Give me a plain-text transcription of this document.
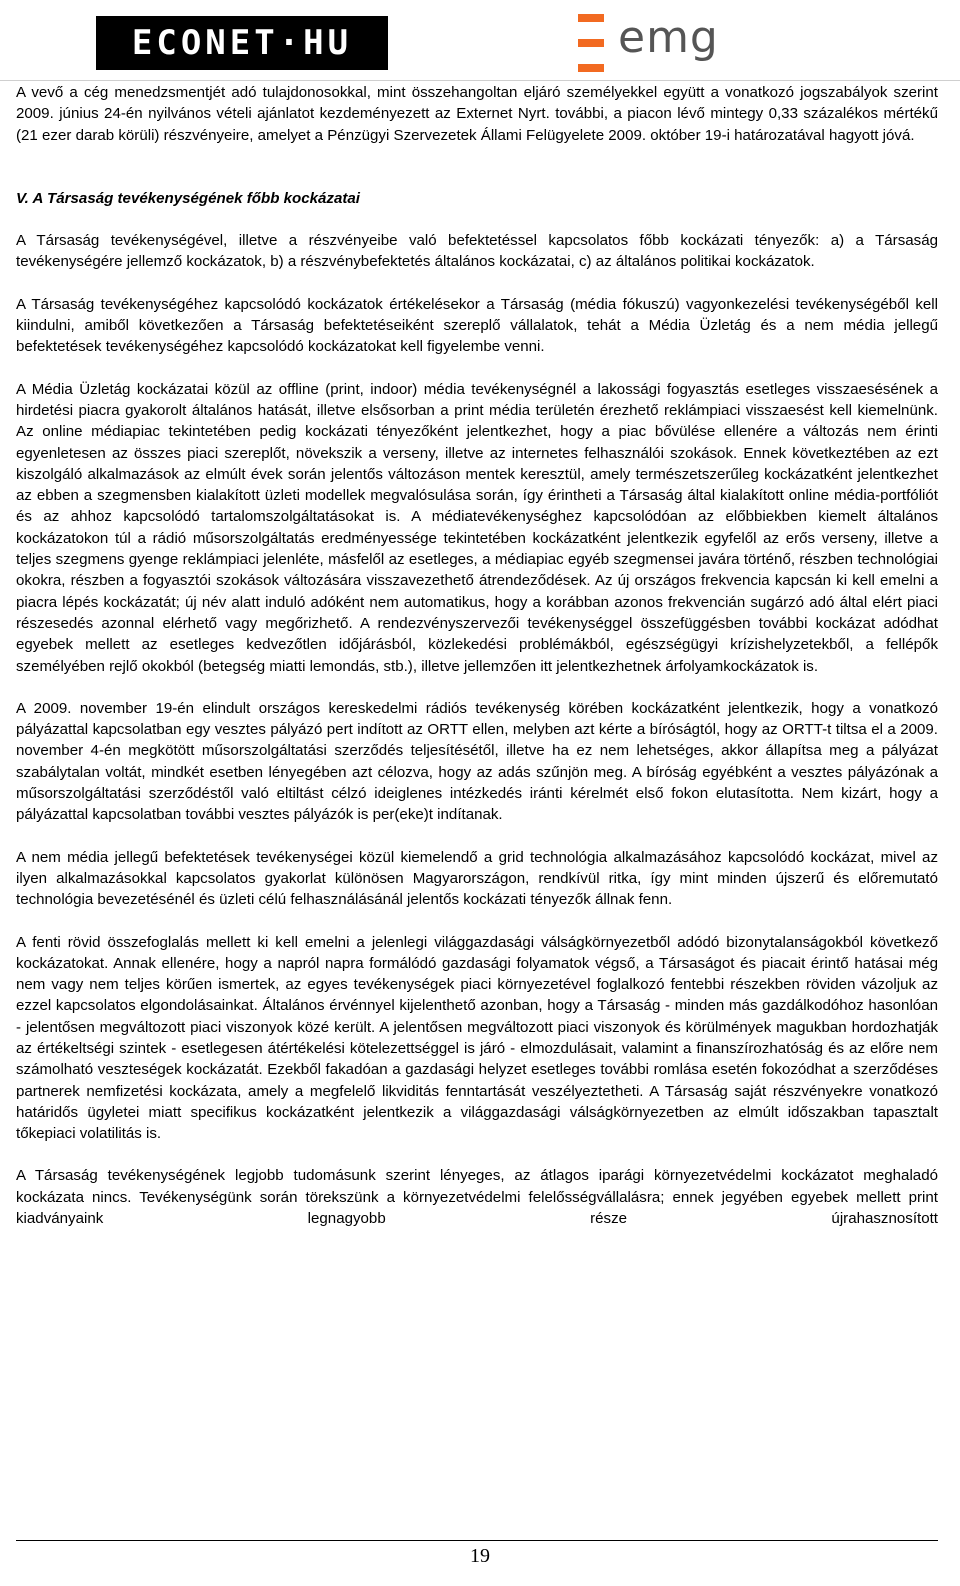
ECONET·HU	emg

A vevő a cég menedzsmentjét adó tulajdonosokkal, mint összehangoltan eljáró személyekkel együtt a vonatkozó jogszabályok szerint 2009. június 24-én nyilvános vételi ajánlatot kezdeményezett az Externet Nyrt. további, a piacon lévő mintegy 0,33 százalékos mértékű (21 ezer darab körüli) részvényeire, amelyet a Pénzügyi Szervezetek Állami Felügyelete 2009. október 19-i határozatával hagyott jóvá.

V. A Társaság tevékenységének főbb kockázatai

A Társaság tevékenységével, illetve a részvényeibe való befektetéssel kapcsolatos főbb kockázati tényezők: a) a Társaság tevékenységére jellemző kockázatok, b) a részvénybefektetés általános kockázatai, c) az általános politikai kockázatok.

A Társaság tevékenységéhez kapcsolódó kockázatok értékelésekor a Társaság (média fókuszú) vagyonkezelési tevékenységéből kell kiindulni, amiből következően a Társaság befektetéseiként szereplő vállalatok, tehát a Média Üzletág és a nem média jellegű befektetések tevékenységéhez kapcsolódó kockázatokat kell figyelembe venni.

A Média Üzletág kockázatai közül az offline (print, indoor) média tevékenységnél a lakossági fogyasztás esetleges visszaesésének a hirdetési piacra gyakorolt általános hatását, illetve elsősorban a print média területén érezhető reklámpiaci visszaesést kell kiemelnünk. Az online médiapiac tekintetében pedig kockázati tényezőként jelentkezhet, hogy a piac bővülése ellenére a változás nem érinti egyenletesen az összes piaci szereplőt, növekszik a verseny, illetve az internetes felhasználói szokások. Ennek következtében az ezt kiszolgáló alkalmazások az elmúlt évek során jelentős változáson mentek keresztül, amely természetszerűleg kockázatként jelentkezhet az ebben a szegmensben kialakított üzleti modellek megvalósulása során, így érintheti a Társaság által kialakított online média-portfóliót és az ahhoz kapcsolódó tartalomszolgáltatásokat is. A médiatevékenységhez kapcsolódóan az előbbiekben kiemelt általános kockázatokon túl a rádió műsorszolgáltatás eredményessége tekintetében kockázatként jelentkezik egyfelől az erős verseny, illetve a teljes szegmens gyenge reklámpiaci jelenléte, másfelől az esetleges, a médiapiac egyéb szegmensei javára történő, részben technológiai okokra, részben a fogyasztói szokások változására visszavezethető átrendeződések. Az új országos frekvencia kapcsán ki kell emelni a piacra lépés kockázatát; új név alatt induló adóként nem automatikus, hogy a korábban azonos frekvencián sugárzó adó által elért piaci részesedés azonnal elérhető vagy megőrizhető. A rendezvényszervezői tevékenységgel összefüggésben további kockázat adódhat egyebek mellett az esetleges kedvezőtlen időjárásból, közlekedési problémákból, egészségügyi krízishelyzetekből, a fellépők személyében rejlő okokból (betegség miatti lemondás, stb.), illetve jellemzően itt jelentkezhetnek árfolyamkockázatok is.

A 2009. november 19-én elindult országos kereskedelmi rádiós tevékenység körében kockázatként jelentkezik, hogy a vonatkozó pályázattal kapcsolatban egy vesztes pályázó pert indított az ORTT ellen, melyben azt kérte a bíróságtól, hogy az ORTT-t tiltsa el a 2009. november 4-én megkötött műsorszolgáltatási szerződés teljesítésétől, illetve ha ez nem lehetséges, akkor állapítsa meg a pályázat szabálytalan voltát, mindkét esetben lényegében azt célozva, hogy az adás szűnjön meg. A bíróság egyébként a vesztes pályázónak a műsorszolgáltatási szerződéstől való eltiltást célzó ideiglenes intézkedés iránti kérelmét első fokon elutasította. Nem kizárt, hogy a pályázattal kapcsolatban további vesztes pályázók is per(eke)t indítanak.

A nem média jellegű befektetések tevékenységei közül kiemelendő a grid technológia alkalmazásához kapcsolódó kockázat, mivel az ilyen alkalmazásokkal kapcsolatos gyakorlat különösen Magyarországon, rendkívül ritka, így mint minden újszerű és előremutató technológia bevezetésénél és üzleti célú felhasználásánál jelentős kockázati tényezők állnak fenn.

A fenti rövid összefoglalás mellett ki kell emelni a jelenlegi világgazdasági válságkörnyezetből adódó bizonytalanságokból következő kockázatokat. Annak ellenére, hogy a napról napra formálódó gazdasági folyamatok végső, a Társaságot és piacait érintő hatásai még nem vagy nem teljes körűen ismertek, az egyes tevékenységek piaci környezetével foglalkozó fentebbi részekben röviden vázoljuk az ezzel kapcsolatos elgondolásainkat. Általános érvénnyel kijelenthető azonban, hogy a Társaság - minden más gazdálkodóhoz hasonlóan - jelentősen megváltozott piaci viszonyok közé került. A jelentősen megváltozott piaci viszonyok és körülmények magukban hordozhatják az értékeltségi szintek - esetlegesen átértékelési kötelezettséggel is járó - elmozdulásait, valamint a finanszírozhatóság és az előre nem számolható veszteségek kockázatát. Ezekből fakadóan a gazdasági helyzet esetleges további romlása esetén fokozódhat a szerződéses partnerek nemfizetési kockázata, amely a megfelelő likviditás fenntartását veszélyeztetheti. A Társaság saját részvényekre vonatkozó határidős ügyletei miatt specifikus kockázatként jelentkezik a világgazdasági válságkörnyezetben az elmúlt időszakban tapasztalt tőkepiaci volatilitás is.

A Társaság tevékenységének legjobb tudomásunk szerint lényeges, az átlagos iparági környezetvédelmi kockázatot meghaladó kockázata nincs. Tevékenységünk során törekszünk a környezetvédelmi felelősségvállalásra; ennek jegyében egyebek mellett print kiadványaink legnagyobb része újrahasznosított

19
